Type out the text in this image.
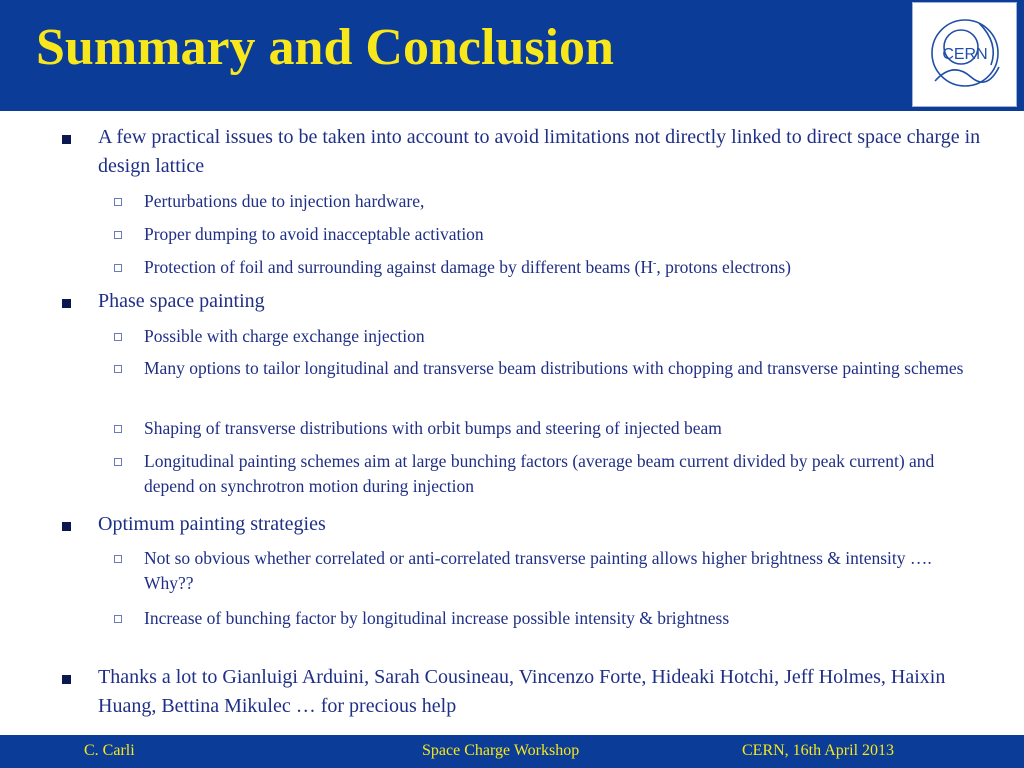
Summary and Conclusion	CERN
A few practical issues to be taken into account to avoid limitations not directly linked to direct space charge in design lattice
Perturbations due to injection hardware,
Proper dumping to avoid inacceptable activation
Protection of foil and surrounding against damage by different beams (H-, protons electrons)
Phase space painting
Possible with charge exchange injection
Many options to tailor longitudinal and transverse beam distributions with chopping and transverse painting schemes
Shaping of transverse distributions with orbit bumps and steering of injected beam
Longitudinal painting schemes aim at large bunching factors (average beam current divided by peak current) and depend on synchrotron motion during injection
Optimum painting strategies
Not so obvious whether correlated or anti-correlated transverse painting allows higher brightness & intensity …. Why??
Increase of bunching factor by longitudinal increase possible intensity & brightness
Thanks a lot to Gianluigi Arduini, Sarah Cousineau, Vincenzo Forte, Hideaki Hotchi, Jeff Holmes, Haixin Huang, Bettina Mikulec … for precious help
C. Carli	Space Charge Workshop	CERN, 16th April 2013
